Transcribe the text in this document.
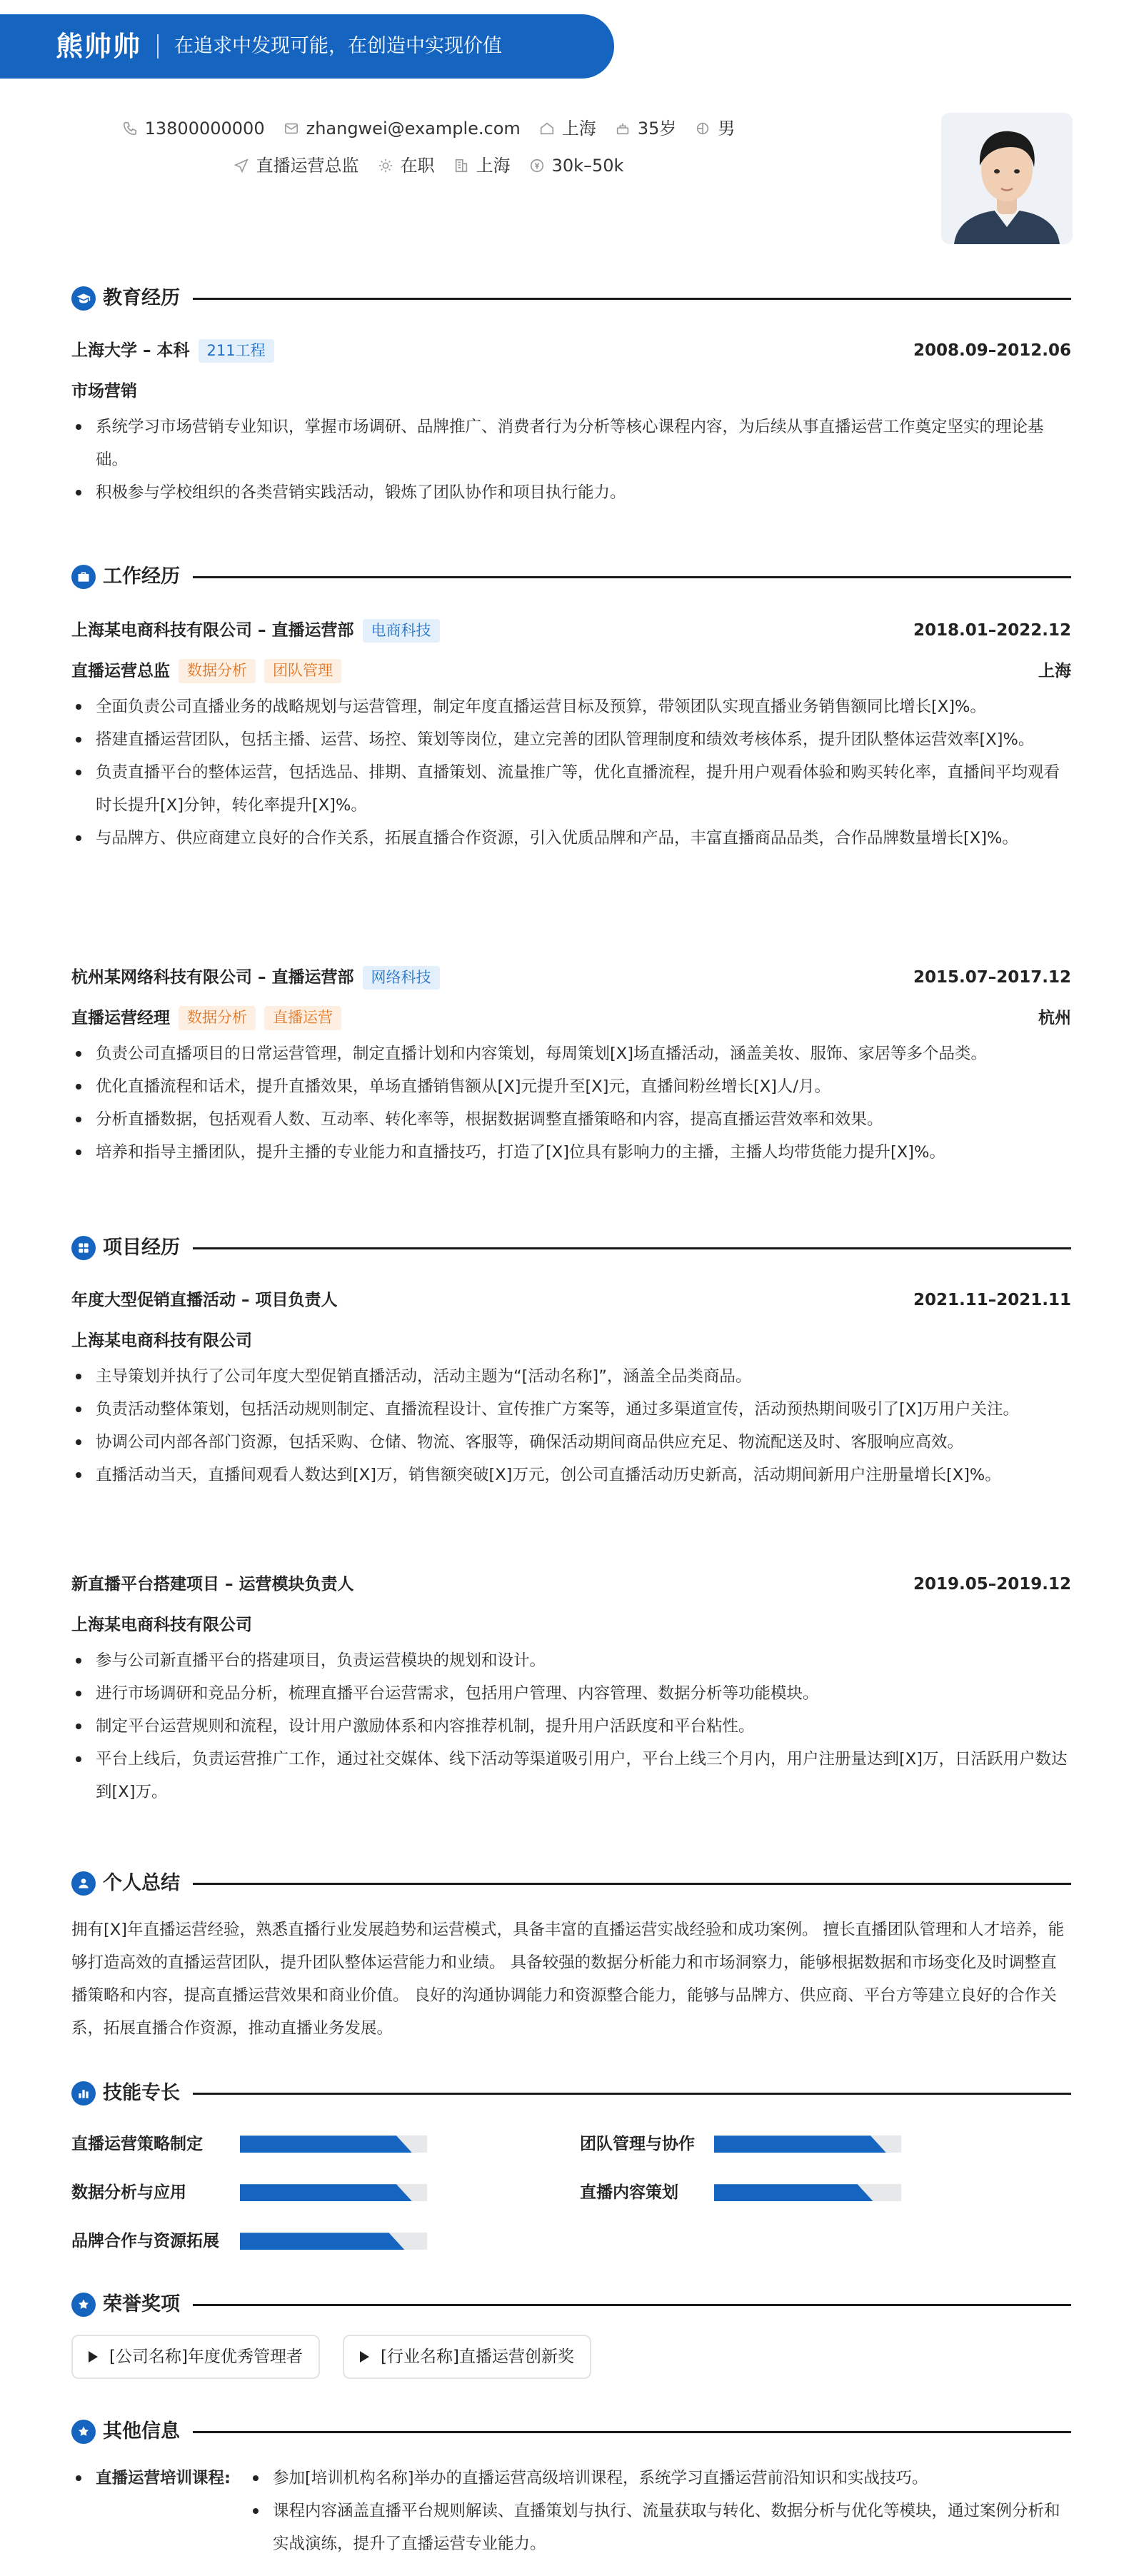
熊帅帅 在追求中发现可能，在创造中实现价值
13800000000 zhangwei@example.com 上海 35岁 男
直播运营总监 在职 上海 30k–50k
教育经历
上海大学 – 本科	211工程	2008.09–2012.06
市场营销
系统学习市场营销专业知识，掌握市场调研、品牌推广、消费者行为分析等核心课程内容，为后续从事直播运营工作奠定坚实的理论基础。
积极参与学校组织的各类营销实践活动，锻炼了团队协作和项目执行能力。
工作经历
上海某电商科技有限公司 – 直播运营部	电商科技	2018.01–2022.12
直播运营总监	数据分析	团队管理	上海
全面负责公司直播业务的战略规划与运营管理，制定年度直播运营目标及预算，带领团队实现直播业务销售额同比增长[X]%。
搭建直播运营团队，包括主播、运营、场控、策划等岗位，建立完善的团队管理制度和绩效考核体系，提升团队整体运营效率[X]%。
负责直播平台的整体运营，包括选品、排期、直播策划、流量推广等，优化直播流程，提升用户观看体验和购买转化率，直播间平均观看时长提升[X]分钟，转化率提升[X]%。
与品牌方、供应商建立良好的合作关系，拓展直播合作资源，引入优质品牌和产品，丰富直播商品品类，合作品牌数量增长[X]%。
杭州某网络科技有限公司 – 直播运营部	网络科技	2015.07–2017.12
直播运营经理	数据分析	直播运营	杭州
负责公司直播项目的日常运营管理，制定直播计划和内容策划，每周策划[X]场直播活动，涵盖美妆、服饰、家居等多个品类。
优化直播流程和话术，提升直播效果，单场直播销售额从[X]元提升至[X]元，直播间粉丝增长[X]人/月。
分析直播数据，包括观看人数、互动率、转化率等，根据数据调整直播策略和内容，提高直播运营效率和效果。
培养和指导主播团队，提升主播的专业能力和直播技巧，打造了[X]位具有影响力的主播，主播人均带货能力提升[X]%。
项目经历
年度大型促销直播活动 – 项目负责人	2021.11–2021.11
上海某电商科技有限公司
主导策划并执行了公司年度大型促销直播活动，活动主题为“[活动名称]”，涵盖全品类商品。
负责活动整体策划，包括活动规则制定、直播流程设计、宣传推广方案等，通过多渠道宣传，活动预热期间吸引了[X]万用户关注。
协调公司内部各部门资源，包括采购、仓储、物流、客服等，确保活动期间商品供应充足、物流配送及时、客服响应高效。
直播活动当天，直播间观看人数达到[X]万，销售额突破[X]万元，创公司直播活动历史新高，活动期间新用户注册量增长[X]%。
新直播平台搭建项目 – 运营模块负责人	2019.05–2019.12
上海某电商科技有限公司
参与公司新直播平台的搭建项目，负责运营模块的规划和设计。
进行市场调研和竞品分析，梳理直播平台运营需求，包括用户管理、内容管理、数据分析等功能模块。
制定平台运营规则和流程，设计用户激励体系和内容推荐机制，提升用户活跃度和平台粘性。
平台上线后，负责运营推广工作，通过社交媒体、线下活动等渠道吸引用户，平台上线三个月内，用户注册量达到[X]万，日活跃用户数达到[X]万。
个人总结
拥有[X]年直播运营经验，熟悉直播行业发展趋势和运营模式，具备丰富的直播运营实战经验和成功案例。 擅长直播团队管理和人才培养，能够打造高效的直播运营团队，提升团队整体运营能力和业绩。 具备较强的数据分析能力和市场洞察力，能够根据数据和市场变化及时调整直播策略和内容，提高直播运营效果和商业价值。 良好的沟通协调能力和资源整合能力，能够与品牌方、供应商、平台方等建立良好的合作关系，拓展直播合作资源，推动直播业务发展。
技能专长
直播运营策略制定	团队管理与协作
数据分析与应用	直播内容策划
品牌合作与资源拓展
荣誉奖项
[公司名称]年度优秀管理者	[行业名称]直播运营创新奖
其他信息
直播运营培训课程:	参加[培训机构名称]举办的直播运营高级培训课程，系统学习直播运营前沿知识和实战技巧。
课程内容涵盖直播平台规则解读、直播策划与执行、流量获取与转化、数据分析与优化等模块，通过案例分析和实战演练，提升了直播运营专业能力。
